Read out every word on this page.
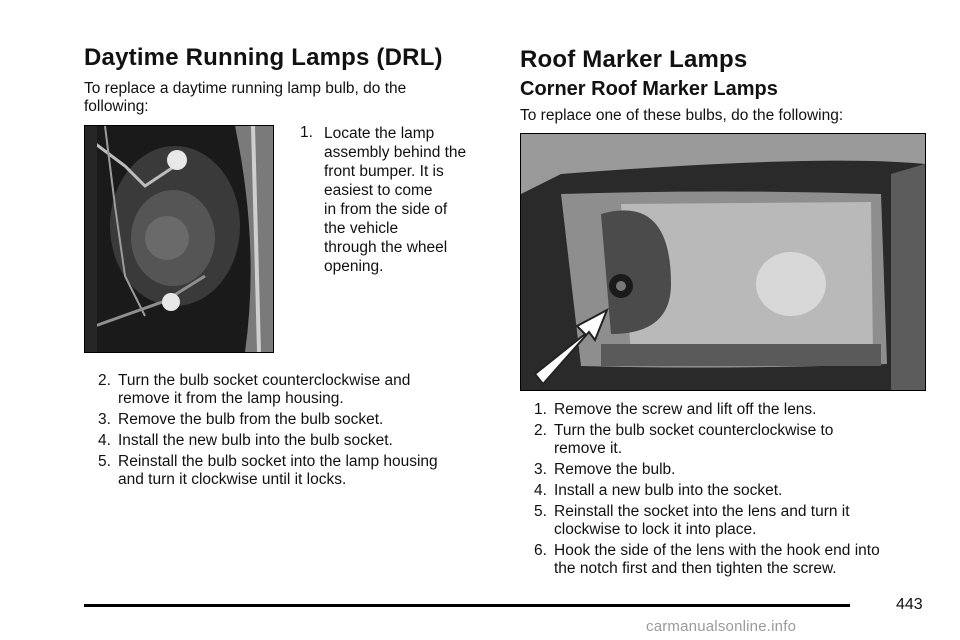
Daytime Running Lamps (DRL)

To replace a daytime running lamp bulb, do the

following:

1. Locate the lamp
assembly behind the
front bumper. It is
easiest to come
in from the side of
the vehicle
through the wheel
opening.
2. Turn the bulb socket counterclockwise and
remove it from the lamp housing.
3. Remove the bulb from the bulb socket.
4. Install the new bulb into the bulb socket.
5. Reinstall the bulb socket into the lamp housing
and turn it clockwise until it locks.
Roof Marker Lamps
Corner Roof Marker Lamps

To replace one of these bulbs, do the following:

1. Remove the screw and lift off the lens.
2. Turn the bulb socket counterclockwise to
remove it.
3. Remove the bulb.
4. Install a new bulb into the socket.
5. Reinstall the socket into the lens and turn it
clockwise to lock it into place.
6. Hook the side of the lens with the hook end into
the notch first and then tighten the screw.
443
carmanualsonline.info
